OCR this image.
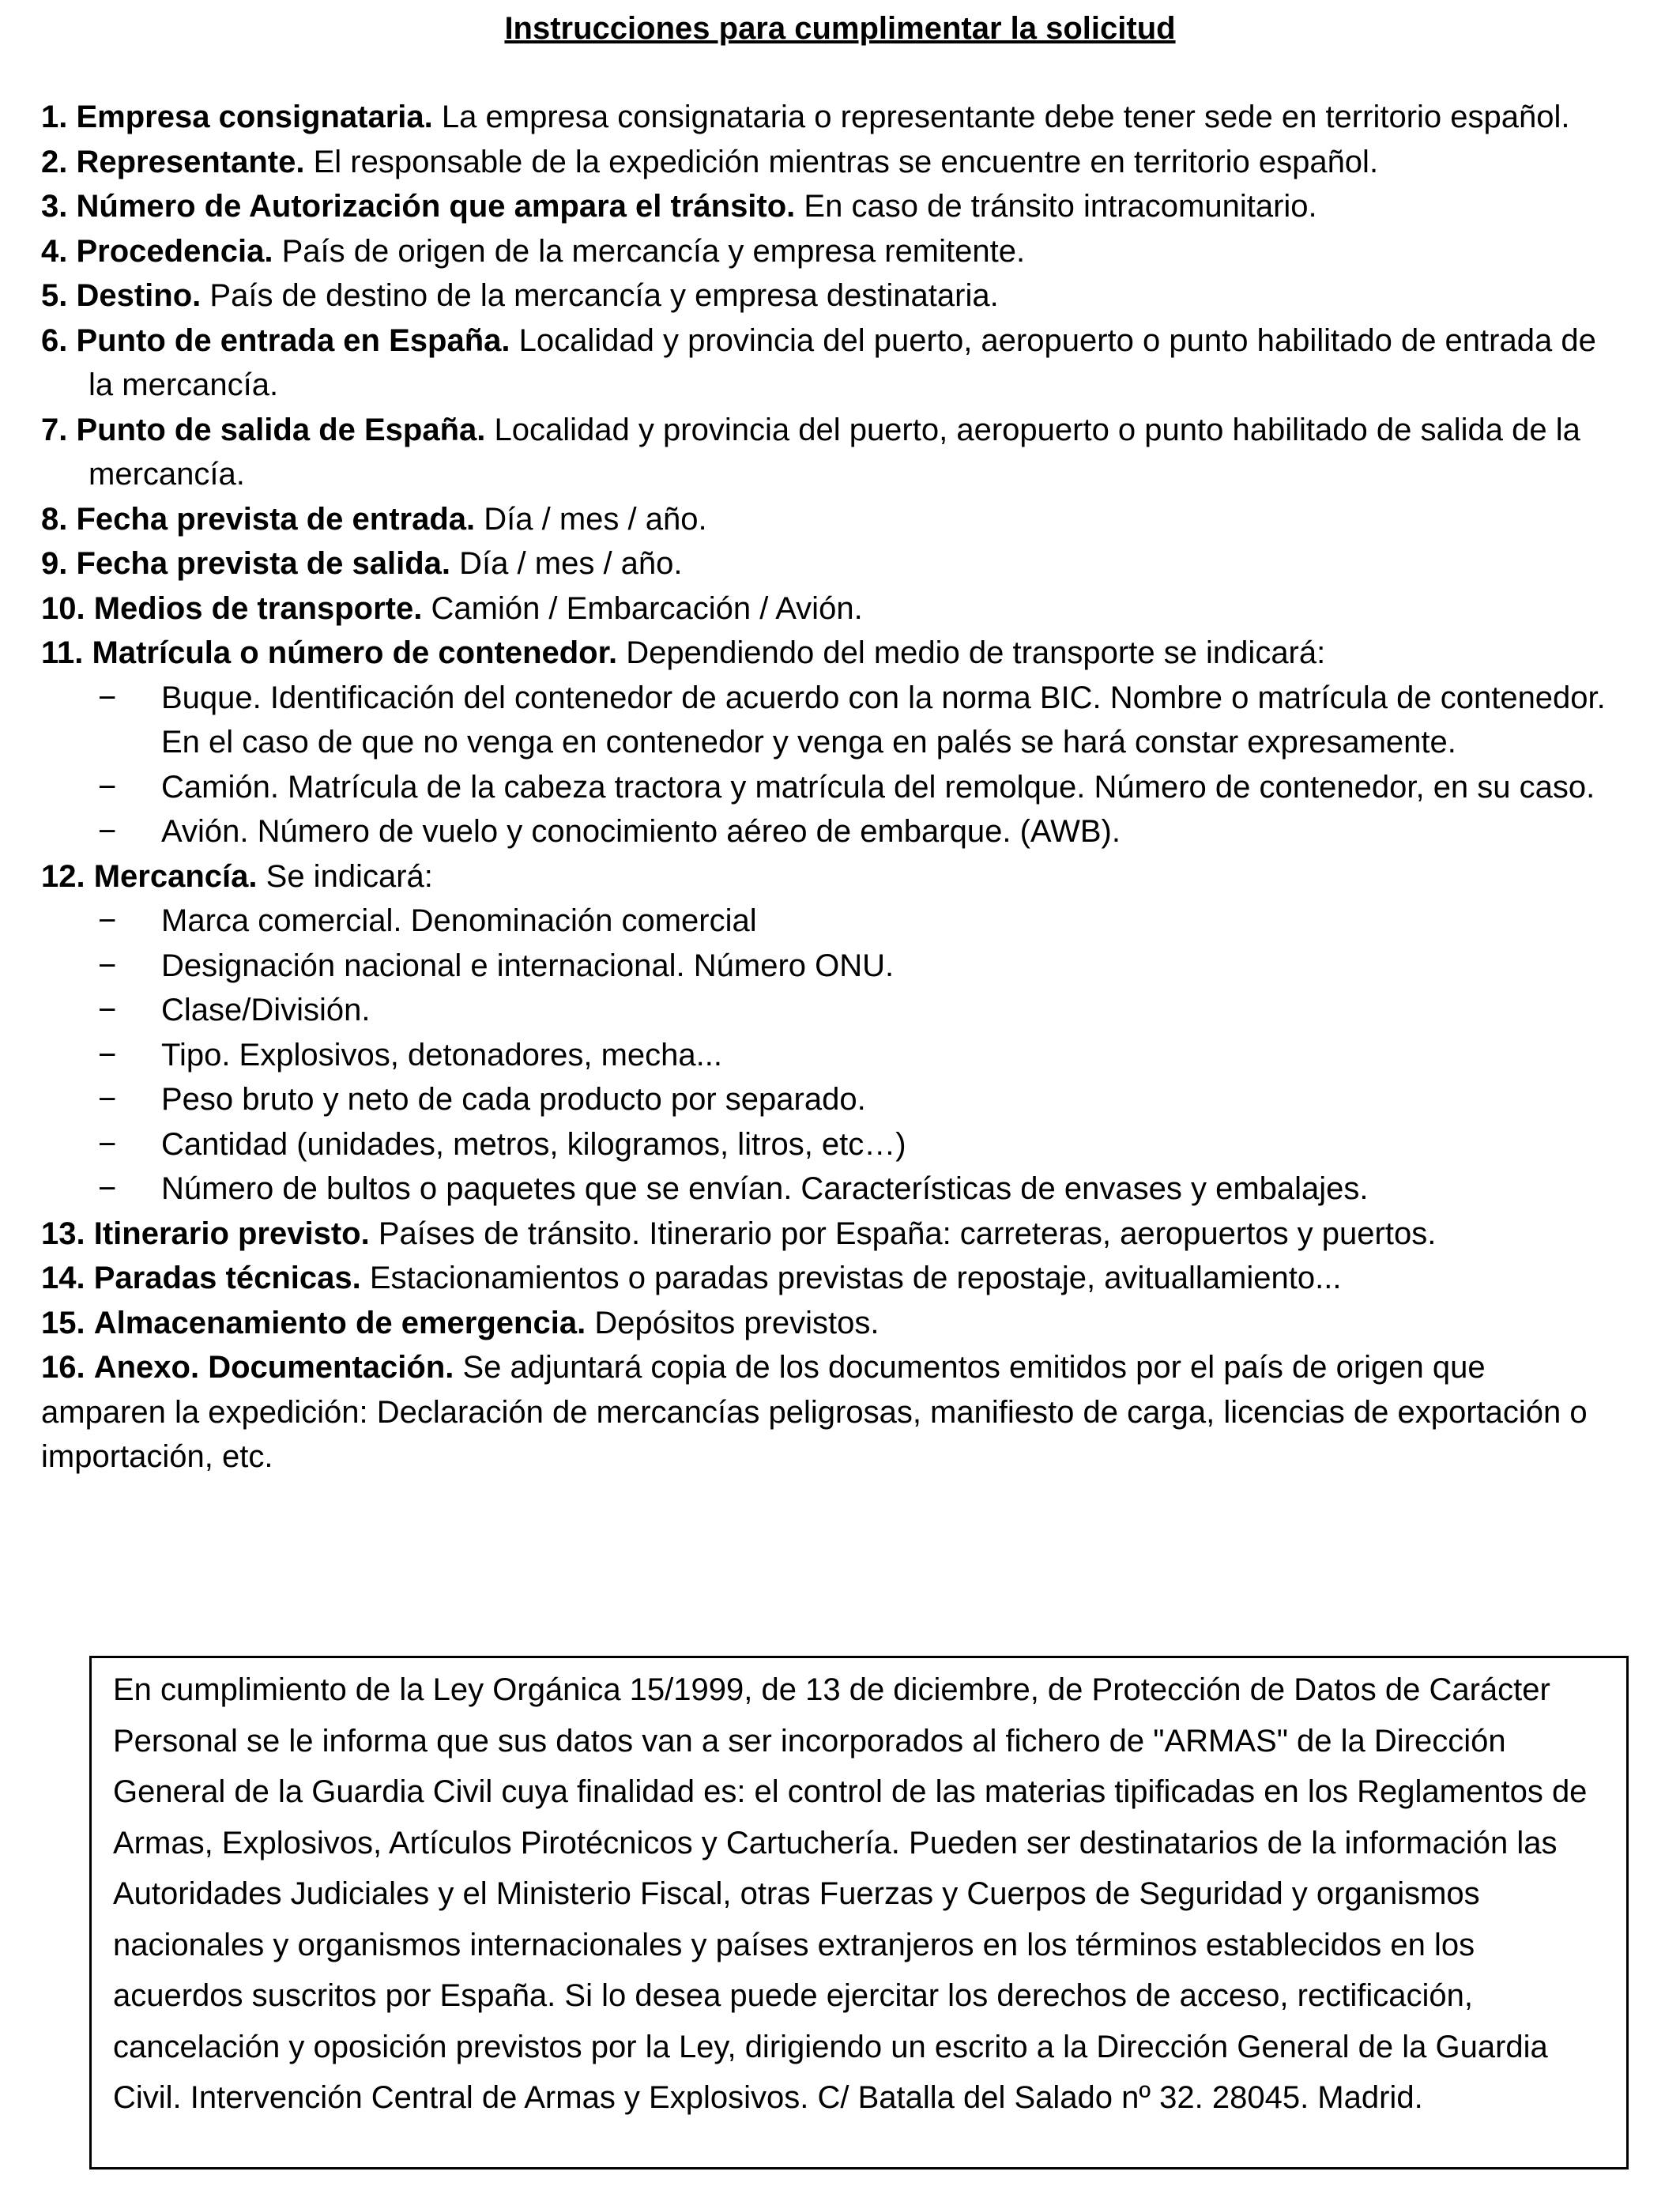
Instrucciones para cumplimentar la solicitud

1. Empresa consignataria. La empresa consignataria o representante debe tener sede en territorio español.

2. Representante. El responsable de la expedición mientras se encuentre en territorio español.

3. Número de Autorización que ampara el tránsito. En caso de tránsito intracomunitario.

4. Procedencia. País de origen de la mercancía y empresa remitente.

5. Destino. País de destino de la mercancía y empresa destinataria.

6. Punto de entrada en España. Localidad y provincia del puerto, aeropuerto o punto habilitado de entrada de la mercancía.

7. Punto de salida de España. Localidad y provincia del puerto, aeropuerto o punto habilitado de salida de la mercancía.

8. Fecha prevista de entrada. Día / mes / año.

9. Fecha prevista de salida. Día / mes / año.

10. Medios de transporte. Camión / Embarcación / Avión.

11. Matrícula o número de contenedor. Dependiendo del medio de transporte se indicará:

− Buque. Identificación del contenedor de acuerdo con la norma BIC. Nombre o matrícula de contenedor. En el caso de que no venga en contenedor y venga en palés se hará constar expresamente.
− Camión. Matrícula de la cabeza tractora y matrícula del remolque. Número de contenedor, en su caso.
− Avión. Número de vuelo y conocimiento aéreo de embarque. (AWB).

12. Mercancía. Se indicará:

− Marca comercial. Denominación comercial
− Designación nacional e internacional. Número ONU.
− Clase/División.
− Tipo. Explosivos, detonadores, mecha...
− Peso bruto y neto de cada producto por separado.
− Cantidad (unidades, metros, kilogramos, litros, etc…)
− Número de bultos o paquetes que se envían. Características de envases y embalajes.

13. Itinerario previsto. Países de tránsito. Itinerario por España: carreteras, aeropuertos y puertos.

14. Paradas técnicas. Estacionamientos o paradas previstas de repostaje, avituallamiento...

15. Almacenamiento de emergencia. Depósitos previstos.

16. Anexo. Documentación. Se adjuntará copia de los documentos emitidos por el país de origen que amparen la expedición: Declaración de mercancías peligrosas, manifiesto de carga, licencias de exportación o importación, etc.

En cumplimiento de la Ley Orgánica 15/1999, de 13 de diciembre, de Protección de Datos de Carácter Personal se le informa que sus datos van a ser incorporados al fichero de "ARMAS" de la Dirección General de la Guardia Civil cuya finalidad es: el control de las materias tipificadas en los Reglamentos de Armas, Explosivos, Artículos Pirotécnicos y Cartuchería. Pueden ser destinatarios de la información las Autoridades Judiciales y el Ministerio Fiscal, otras Fuerzas y Cuerpos de Seguridad y organismos nacionales y organismos internacionales y países extranjeros en los términos establecidos en los acuerdos suscritos por España. Si lo desea puede ejercitar los derechos de acceso, rectificación, cancelación y oposición previstos por la Ley, dirigiendo un escrito a la Dirección General de la Guardia Civil. Intervención Central de Armas y Explosivos. C/ Batalla del Salado nº 32. 28045. Madrid.
